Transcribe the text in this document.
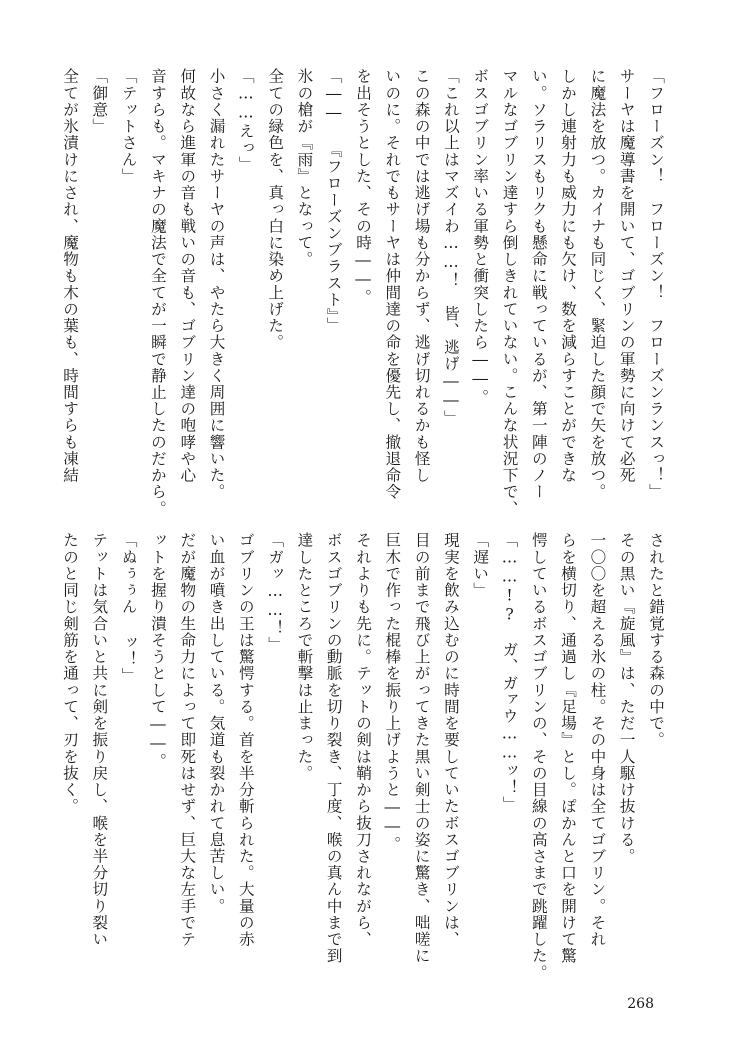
「フローズン！　フローズン！　フローズンランスっ！」
サーヤは魔導書を開いて、ゴブリンの軍勢に向けて必死
に魔法を放つ。カイナも同じく、緊迫した顔で矢を放つ。
しかし連射力も威力にも欠け、数を減らすことができな
い。ソラリスもリクも懸命に戦っているが、第一陣のノー
マルなゴブリン達すら倒しきれていない。こんな状況下で、
ボスゴブリン率いる軍勢と衝突したら――。
「これ以上はマズイわ……！　皆、逃げ――」
この森の中では逃げ場も分からず、逃げ切れるかも怪し
いのに。それでもサーヤは仲間達の命を優先し、撤退命令
を出そうとした、その時――。
「―― 『フローズンブラスト』」
氷の槍が『雨』となって。
全ての緑色を、真っ白に染め上げた。
「……えっ」
小さく漏れたサーヤの声は、やたら大きく周囲に響いた。
何故なら進軍の音も戦いの音も、ゴブリン達の咆哮や心
音すらも。マキナの魔法で全てが一瞬で静止したのだから。
「テットさん」
「御意」
全てが氷漬けにされ、魔物も木の葉も、時間すらも凍結
されたと錯覚する森の中で。
その黒い『旋風』は、ただ一人駆け抜ける。
一〇〇を超える氷の柱。その中身は全てゴブリン。それ
らを横切り、通過し『足場』とし。ぽかんと口を開けて驚
愕しているボスゴブリンの、その目線の高さまで跳躍した。
「……!?　ガ、ガァウ……ッ！」
「遅い」
現実を飲み込むのに時間を要していたボスゴブリンは、
目の前まで飛び上がってきた黒い剣士の姿に驚き、咄嗟に
巨木で作った棍棒を振り上げようと――。
それよりも先に。テットの剣は鞘から抜刀されながら、
ボスゴブリンの動脈を切り裂き、丁度、喉の真ん中まで到
達したところで斬撃は止まった。
「ガッ……！」
ゴブリンの王は驚愕する。首を半分斬られた。大量の赤
い血が噴き出している。気道も裂かれて息苦しい。
だが魔物の生命力によって即死はせず、巨大な左手でテ
ットを握り潰そうとして――。
「ぬぅぅん ッ！」
テットは気合いと共に剣を振り戻し、喉を半分切り裂い
たのと同じ剣筋を通って、刃を抜く。
268
